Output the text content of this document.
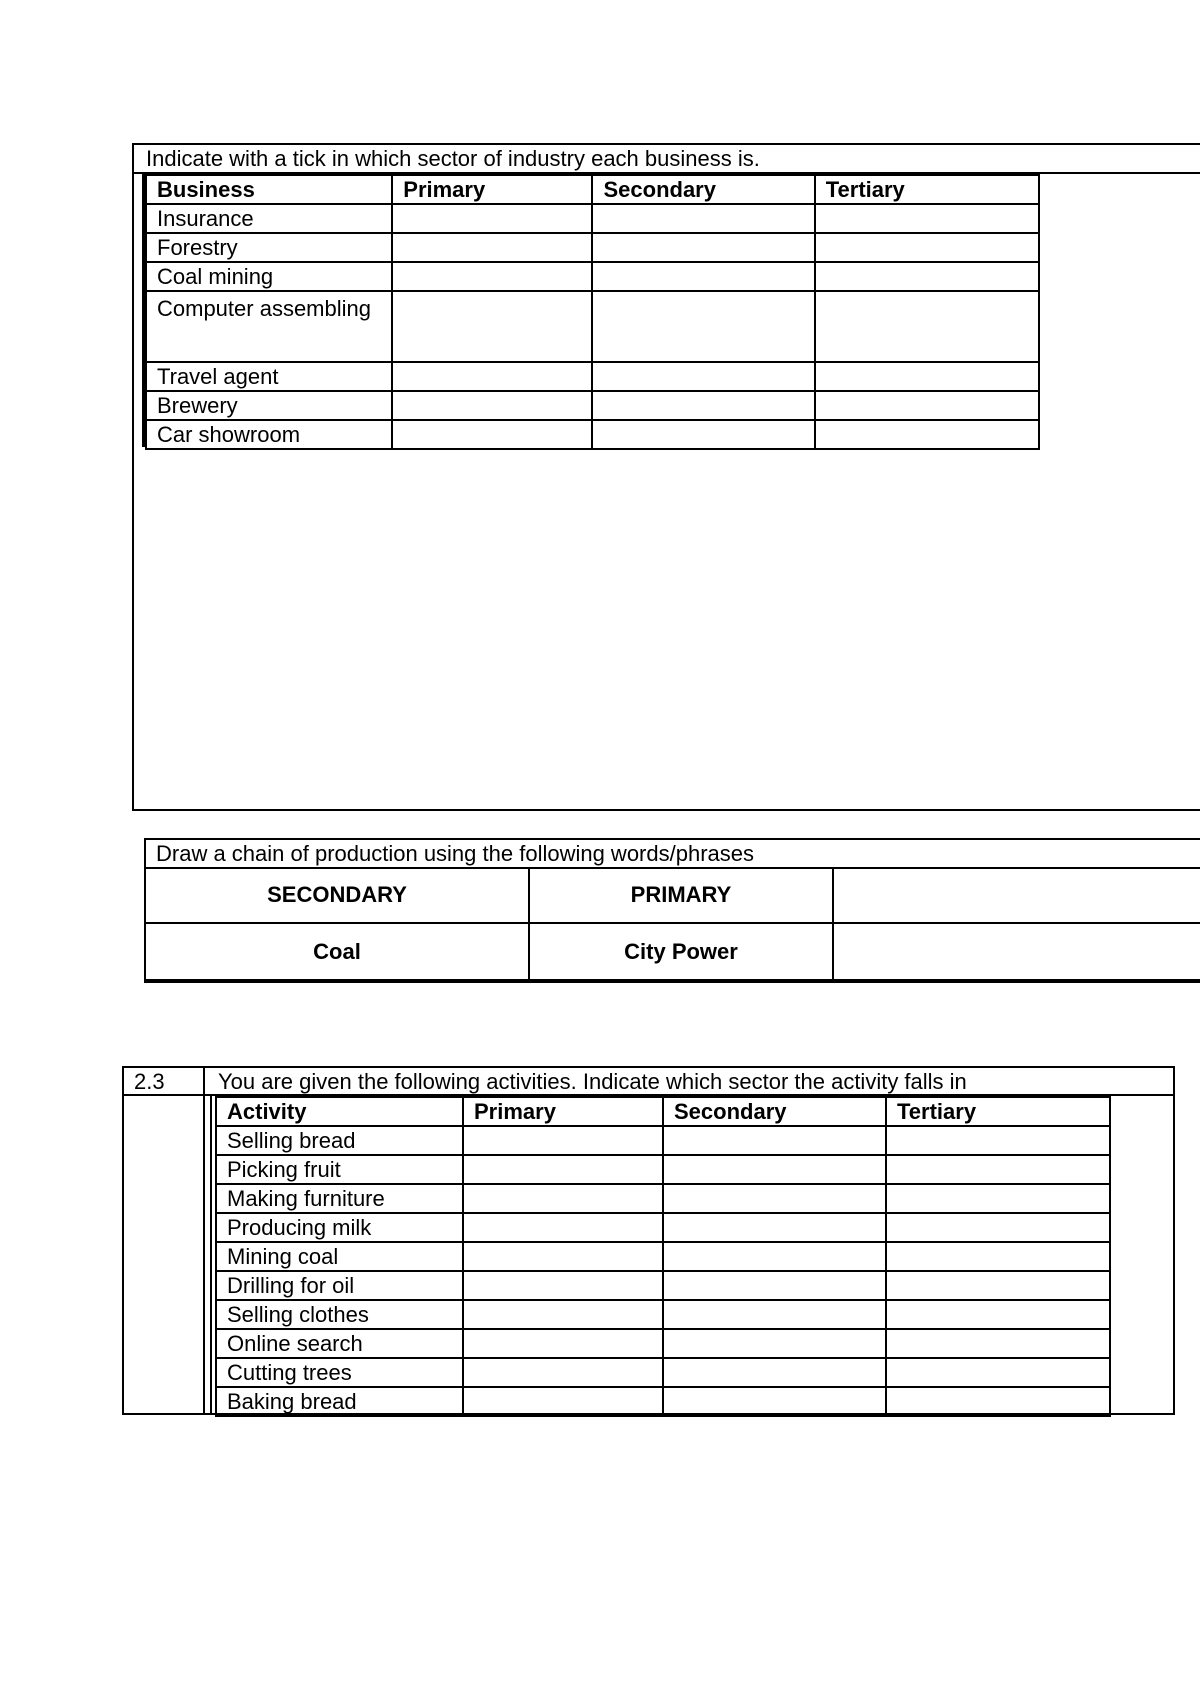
Indicate with a tick in which sector of industry each business is.
Business	Primary	Secondary	Tertiary
Insurance			
Forestry			
Coal mining			
Computer assembling			
Travel agent			
Brewery			
Car showroom			
Draw a chain of production using the following words/phrases
SECONDARY	PRIMARY	
Coal	City Power	
2.3 You are given the following activities. Indicate which sector the activity falls in
Activity	Primary	Secondary	Tertiary
Selling bread			
Picking fruit			
Making furniture			
Producing milk			
Mining coal			
Drilling for oil			
Selling clothes			
Online search			
Cutting trees			
Baking bread			
